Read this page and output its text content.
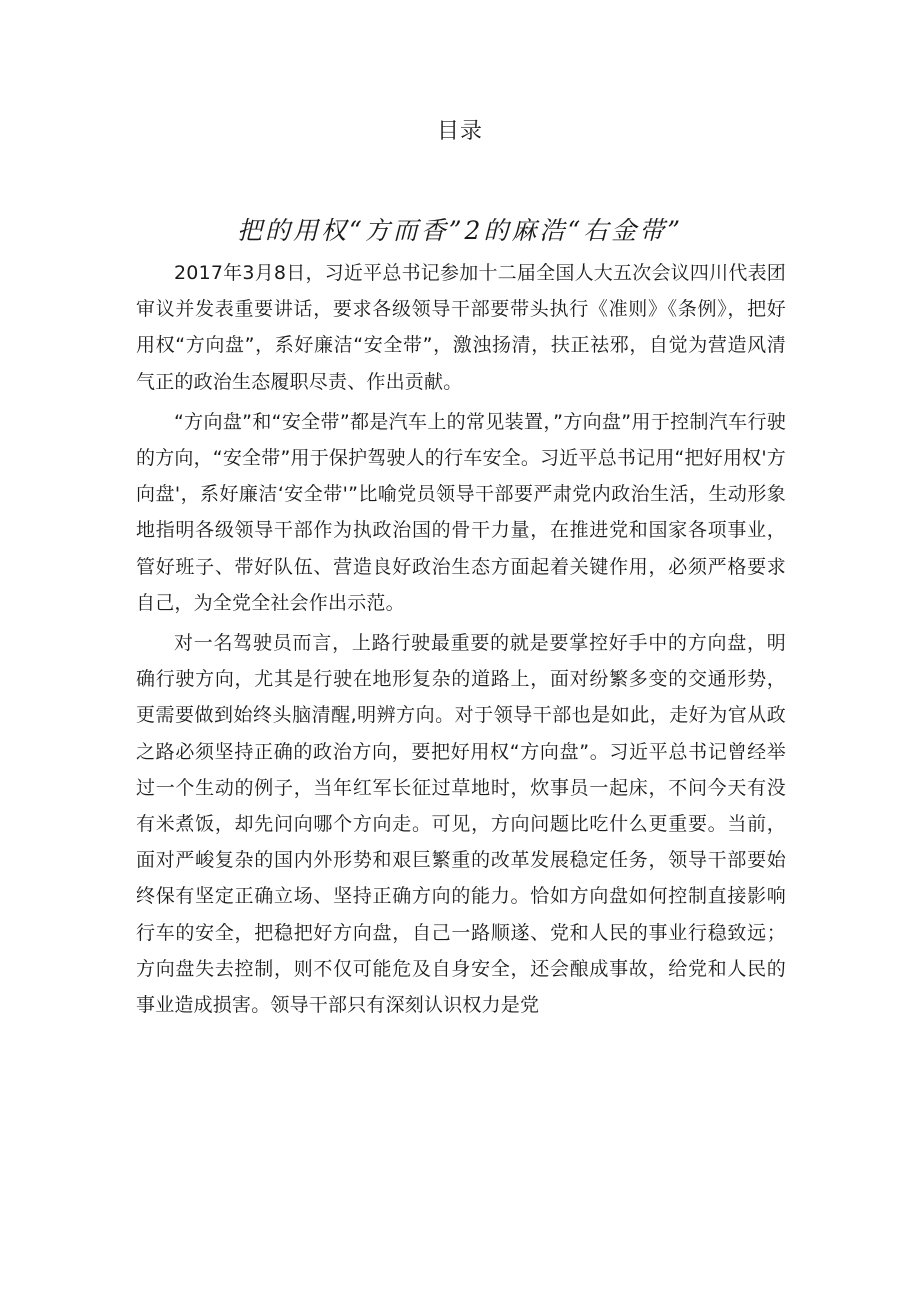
目录
把的用权“方而香”2的麻浩“右金带”

2017年3月8日，习近平总书记参加十二届全国人大五次会议四川代表团审议并发表重要讲话，要求各级领导干部要带头执行《准则》《条例》，把好用权“方向盘”，系好廉洁“安全带”，激浊扬清，扶正祛邪，自觉为营造风清气正的政治生态履职尽责、作出贡献。

“方向盘”和“安全带”都是汽车上的常见装置，”方向盘”用于控制汽车行驶的方向，“安全带”用于保护驾驶人的行车安全。习近平总书记用“把好用权'方向盘'，系好廉洁‘安全带'”比喻党员领导干部要严肃党内政治生活，生动形象地指明各级领导干部作为执政治国的骨干力量，在推进党和国家各项事业，管好班子、带好队伍、营造良好政治生态方面起着关键作用，必须严格要求自己，为全党全社会作出示范。

对一名驾驶员而言，上路行驶最重要的就是要掌控好手中的方向盘，明确行驶方向，尤其是行驶在地形复杂的道路上，面对纷繁多变的交通形势，更需要做到始终头脑清醒,明辨方向。对于领导干部也是如此，走好为官从政之路必须坚持正确的政治方向，要把好用权“方向盘”。习近平总书记曾经举过一个生动的例子，当年红军长征过草地时，炊事员一起床，不问今天有没有米煮饭，却先问向哪个方向走。可见，方向问题比吃什么更重要。当前，面对严峻复杂的国内外形势和艰巨繁重的改革发展稳定任务，领导干部要始终保有坚定正确立场、坚持正确方向的能力。恰如方向盘如何控制直接影响行车的安全，把稳把好方向盘，自己一路顺遂、党和人民的事业行稳致远；方向盘失去控制，则不仅可能危及自身安全，还会酿成事故，给党和人民的事业造成损害。领导干部只有深刻认识权力是党
